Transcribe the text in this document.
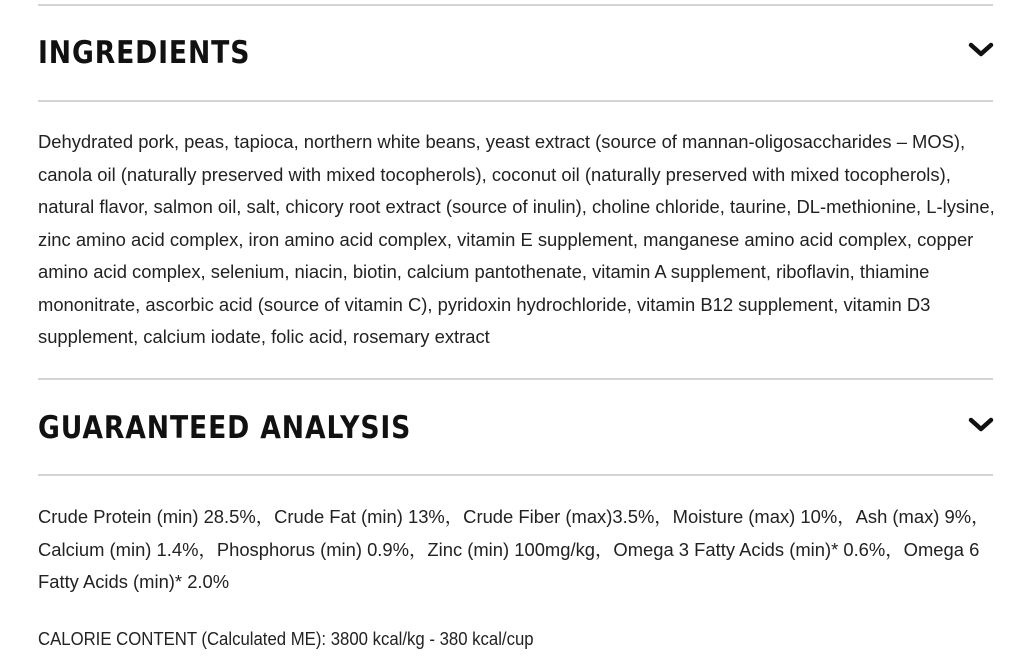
INGREDIENTS

Dehydrated pork, peas, tapioca, northern white beans, yeast extract (source of mannan-oligosaccharides – MOS), canola oil (naturally preserved with mixed tocopherols), coconut oil (naturally preserved with mixed tocopherols), natural flavor, salmon oil, salt, chicory root extract (source of inulin), choline chloride, taurine, DL-methionine, L-lysine, zinc amino acid complex, iron amino acid complex, vitamin E supplement, manganese amino acid complex, copper amino acid complex, selenium, niacin, biotin, calcium pantothenate, vitamin A supplement, riboflavin, thiamine mononitrate, ascorbic acid (source of vitamin C), pyridoxin hydrochloride, vitamin B12 supplement, vitamin D3 supplement, calcium iodate, folic acid, rosemary extract

GUARANTEED ANALYSIS

Crude Protein (min) 28.5%，Crude Fat (min) 13%，Crude Fiber (max)3.5%，Moisture (max) 10%，Ash (max) 9%，Calcium (min) 1.4%，Phosphorus (min) 0.9%，Zinc (min) 100mg/kg，Omega 3 Fatty Acids (min)* 0.6%，Omega 6 Fatty Acids (min)* 2.0%

CALORIE CONTENT (Calculated ME): 3800 kcal/kg - 380 kcal/cup
